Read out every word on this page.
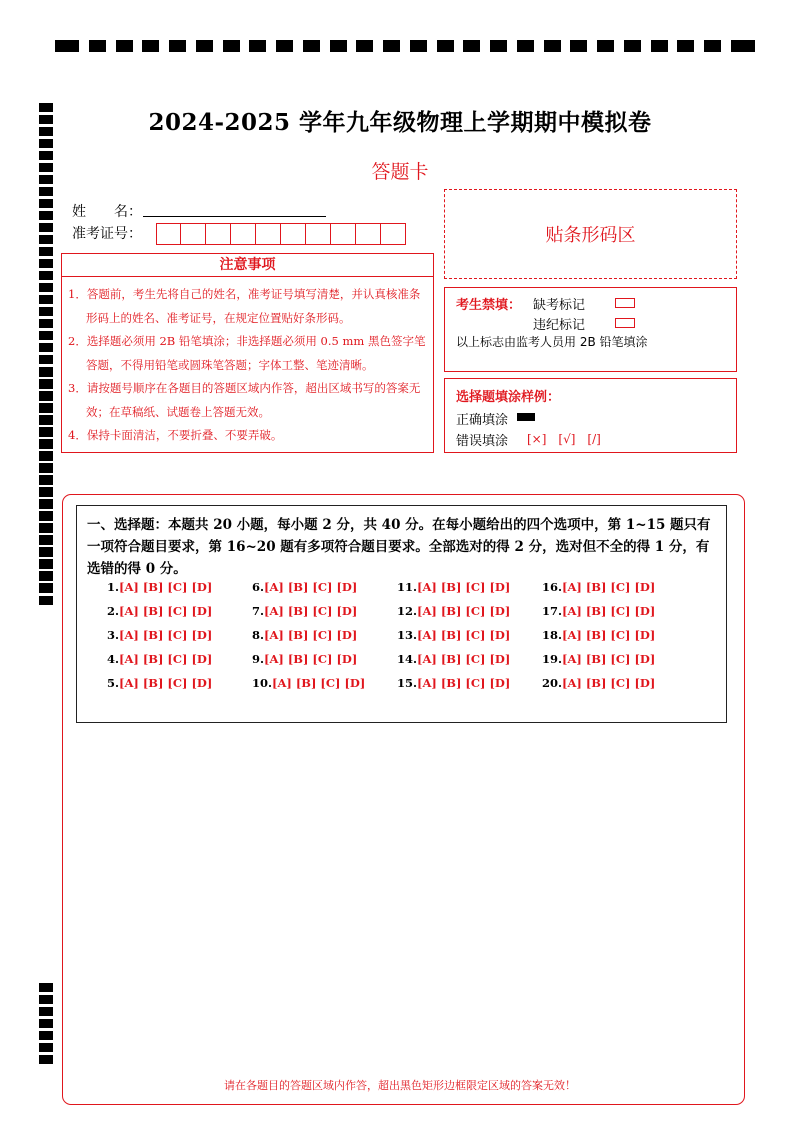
2024-2025 学年九年级物理上学期期中模拟卷
答题卡
姓　　名：
准考证号：	贴条形码区
注意事项
1．答题前，考生先将自己的姓名，准考证号填写清楚，并认真核准条形码上的姓名、准考证号，在规定位置贴好条形码。
2．选择题必须用 2B 铅笔填涂；非选择题必须用 0.5 mm 黑色签字笔答题，不得用铅笔或圆珠笔答题；字体工整、笔迹清晰。
3．请按题号顺序在各题目的答题区域内作答，超出区域书写的答案无效；在草稿纸、试题卷上答题无效。
4．保持卡面清洁，不要折叠、不要弄破。
考生禁填： 缺考标记
违纪标记
以上标志由监考人员用 2B 铅笔填涂
选择题填涂样例：
正确填涂
错误填涂 [×]　[√]　[/]
一、选择题：本题共 20 小题，每小题 2 分，共 40 分。在每小题给出的四个选项中，第 1~15 题只有一项符合题目要求，第 16~20 题有多项符合题目要求。全部选对的得 2 分，选对但不全的得 1 分，有选错的得 0 分。
1.[A] [B] [C] [D]	6.[A] [B] [C] [D]	11.[A] [B] [C] [D]	16.[A] [B] [C] [D]
2.[A] [B] [C] [D]	7.[A] [B] [C] [D]	12.[A] [B] [C] [D]	17.[A] [B] [C] [D]
3.[A] [B] [C] [D]	8.[A] [B] [C] [D]	13.[A] [B] [C] [D]	18.[A] [B] [C] [D]
4.[A] [B] [C] [D]	9.[A] [B] [C] [D]	14.[A] [B] [C] [D]	19.[A] [B] [C] [D]
5.[A] [B] [C] [D]	10.[A] [B] [C] [D]	15.[A] [B] [C] [D]	20.[A] [B] [C] [D]
请在各题目的答题区域内作答，超出黑色矩形边框限定区域的答案无效！
